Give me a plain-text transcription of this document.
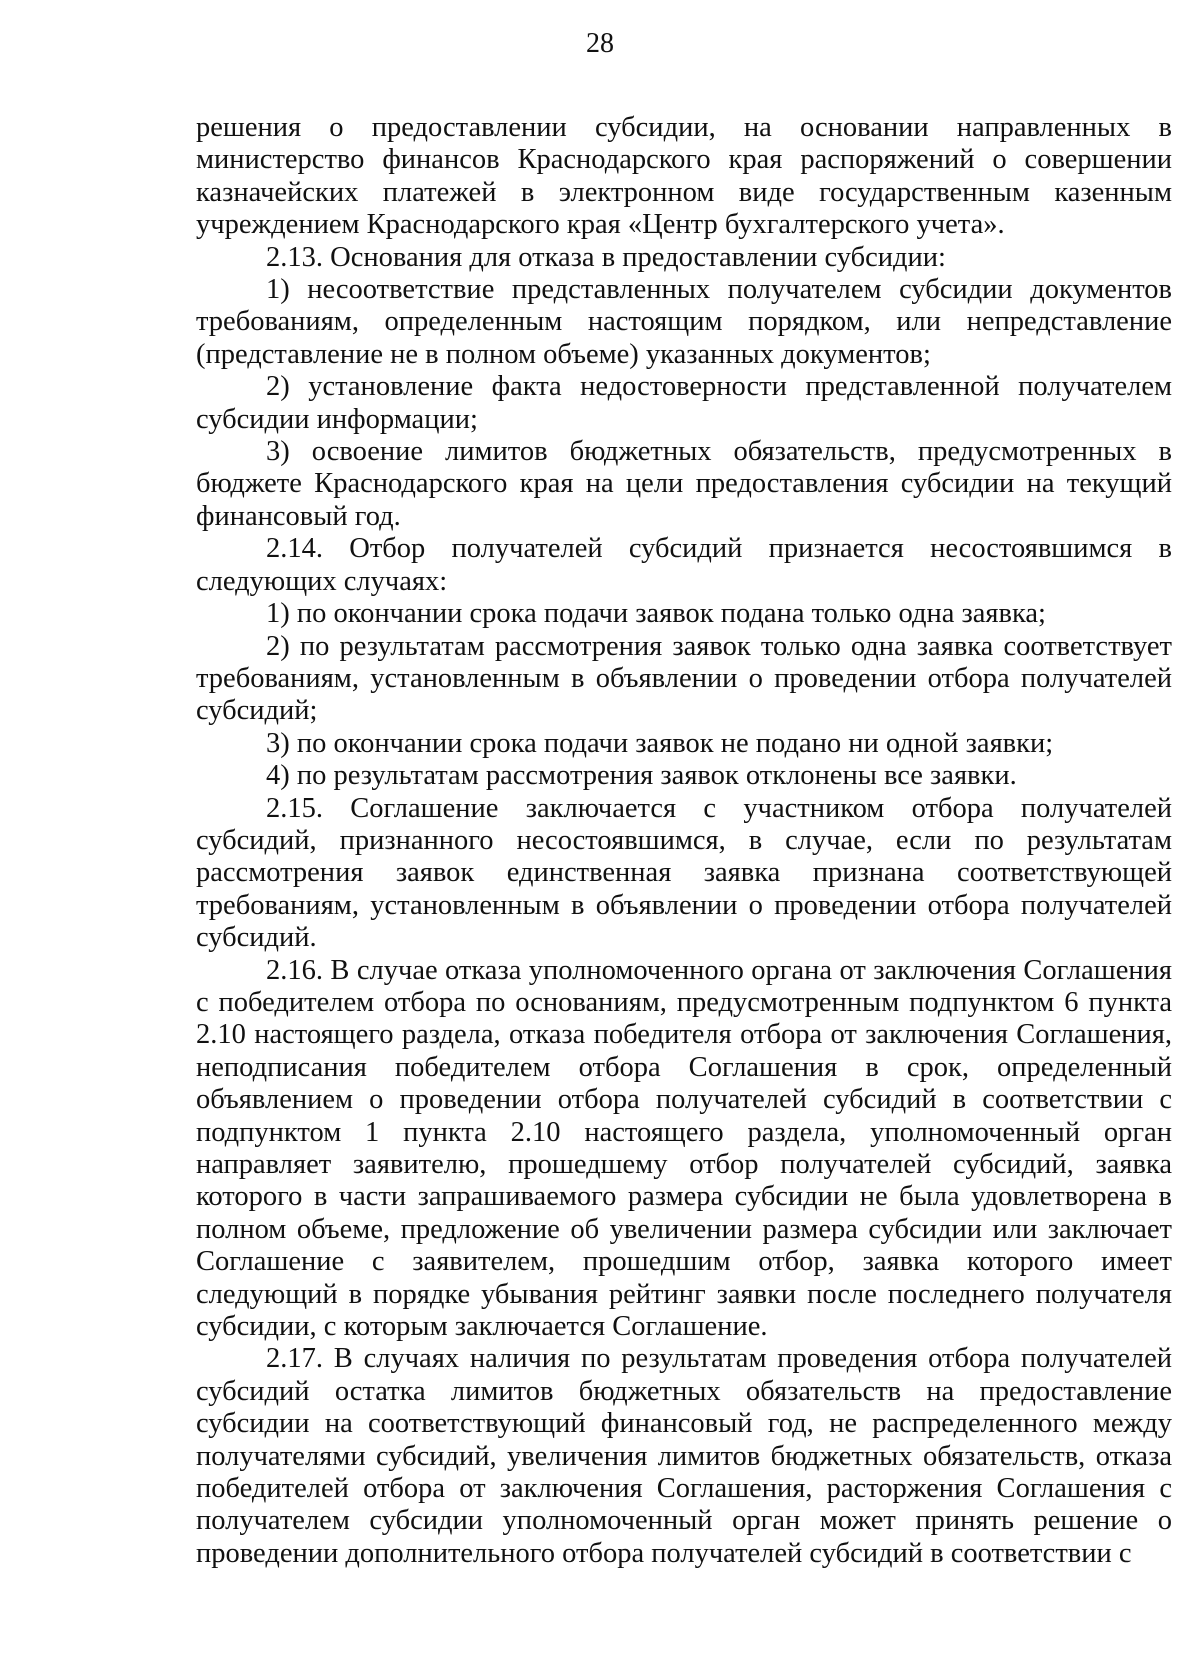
28

решения о предоставлении субсидии, на основании направленных в министерство финансов Краснодарского края распоряжений о совершении казначейских платежей в электронном виде государственным казенным учреждением Краснодарского края «Центр бухгалтерского учета».

2.13. Основания для отказа в предоставлении субсидии:

1) несоответствие представленных получателем субсидии документов требованиям, определенным настоящим порядком, или непредставление (представление не в полном объеме) указанных документов;

2) установление факта недостоверности представленной получателем субсидии информации;

3) освоение лимитов бюджетных обязательств, предусмотренных в бюджете Краснодарского края на цели предоставления субсидии на текущий финансовый год.

2.14. Отбор получателей субсидий признается несостоявшимся в следующих случаях:

1) по окончании срока подачи заявок подана только одна заявка;

2) по результатам рассмотрения заявок только одна заявка соответствует требованиям, установленным в объявлении о проведении отбора получателей субсидий;

3) по окончании срока подачи заявок не подано ни одной заявки;

4) по результатам рассмотрения заявок отклонены все заявки.

2.15. Соглашение заключается с участником отбора получателей субсидий, признанного несостоявшимся, в случае, если по результатам рассмотрения заявок единственная заявка признана соответствующей требованиям, установленным в объявлении о проведении отбора получателей субсидий.

2.16. В случае отказа уполномоченного органа от заключения Соглашения с победителем отбора по основаниям, предусмотренным подпунктом 6 пункта 2.10 настоящего раздела, отказа победителя отбора от заключения Соглашения, неподписания победителем отбора Соглашения в срок, определенный объявлением о проведении отбора получателей субсидий в соответствии с подпунктом 1 пункта 2.10 настоящего раздела, уполномоченный орган направляет заявителю, прошедшему отбор получателей субсидий, заявка которого в части запрашиваемого размера субсидии не была удовлетворена в полном объеме, предложение об увеличении размера субсидии или заключает Соглашение с заявителем, прошедшим отбор, заявка которого имеет следующий в порядке убывания рейтинг заявки после последнего получателя субсидии, с которым заключается Соглашение.

2.17. В случаях наличия по результатам проведения отбора получателей субсидий остатка лимитов бюджетных обязательств на предоставление субсидии на соответствующий финансовый год, не распределенного между получателями субсидий, увеличения лимитов бюджетных обязательств, отказа победителей отбора от заключения Соглашения, расторжения Соглашения с получателем субсидии уполномоченный орган может принять решение о проведении дополнительного отбора получателей субсидий в соответствии с
